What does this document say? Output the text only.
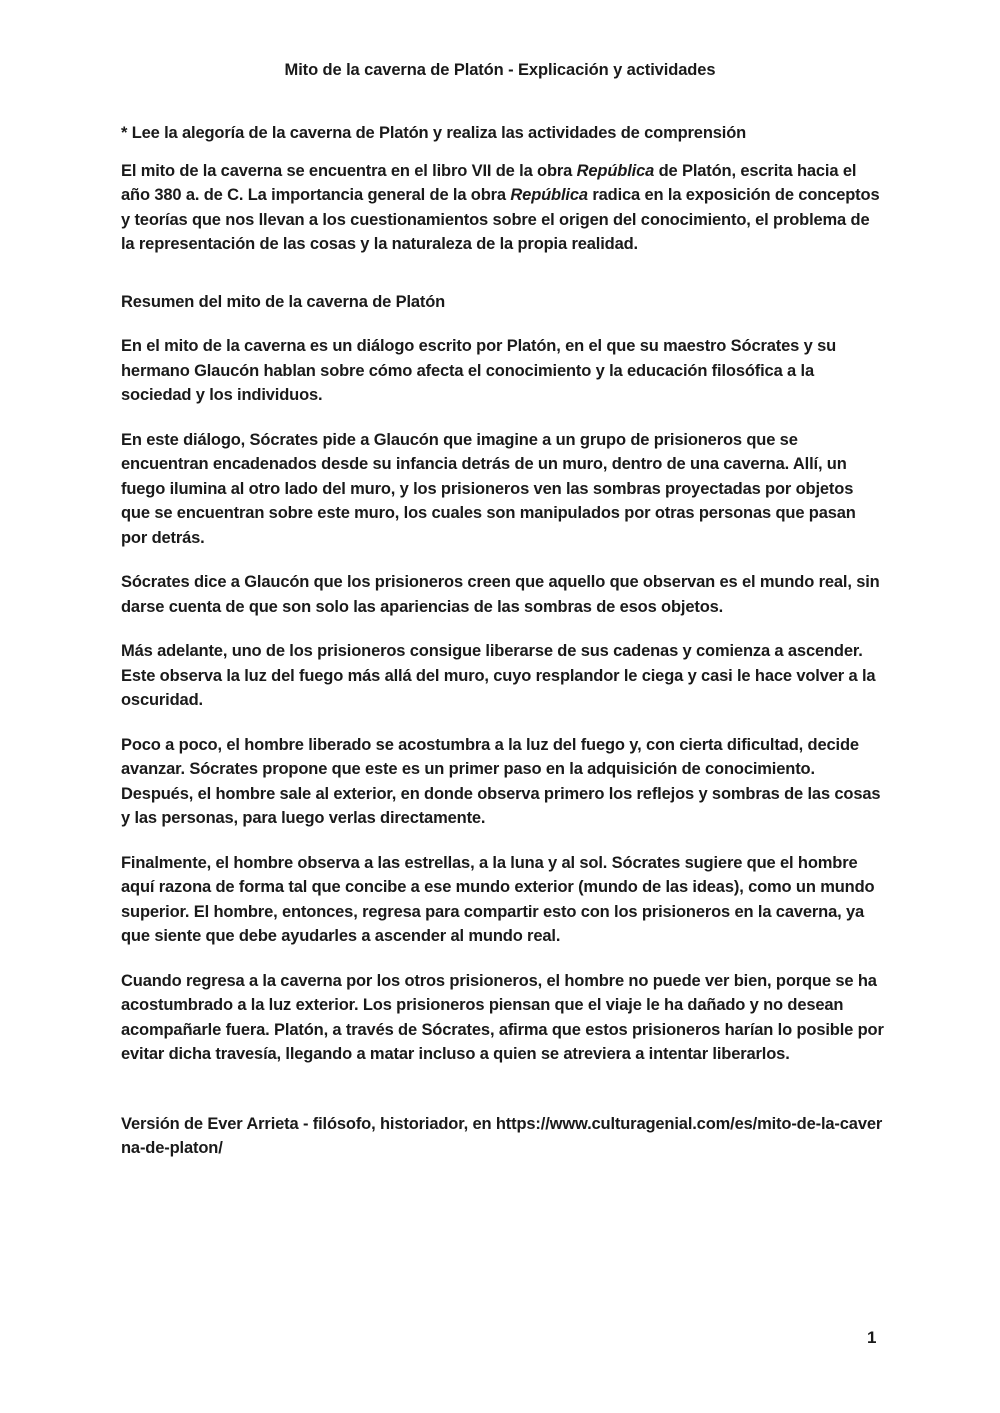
Mito de la caverna de Platón - Explicación y actividades

* Lee la alegoría de la caverna de Platón y realiza las actividades de comprensión

El mito de la caverna se encuentra en el libro VII de la obra República de Platón, escrita hacia el año 380 a. de C. La importancia general de la obra República radica en la exposición de conceptos y teorías que nos llevan a los cuestionamientos sobre el origen del conocimiento, el problema de la representación de las cosas y la naturaleza de la propia realidad.

Resumen del mito de la caverna de Platón

En el mito de la caverna es un diálogo escrito por Platón, en el que su maestro Sócrates y su hermano Glaucón hablan sobre cómo afecta el conocimiento y la educación filosófica a la sociedad y los individuos.

En este diálogo, Sócrates pide a Glaucón que imagine a un grupo de prisioneros que se encuentran encadenados desde su infancia detrás de un muro, dentro de una caverna. Allí, un fuego ilumina al otro lado del muro, y los prisioneros ven las sombras proyectadas por objetos que se encuentran sobre este muro, los cuales son manipulados por otras personas que pasan por detrás.

Sócrates dice a Glaucón que los prisioneros creen que aquello que observan es el mundo real, sin darse cuenta de que son solo las apariencias de las sombras de esos objetos.

Más adelante, uno de los prisioneros consigue liberarse de sus cadenas y comienza a ascender. Este observa la luz del fuego más allá del muro, cuyo resplandor le ciega y casi le hace volver a la oscuridad.

Poco a poco, el hombre liberado se acostumbra a la luz del fuego y, con cierta dificultad, decide avanzar. Sócrates propone que este es un primer paso en la adquisición de conocimiento. Después, el hombre sale al exterior, en donde observa primero los reflejos y sombras de las cosas y las personas, para luego verlas directamente.

Finalmente, el hombre observa a las estrellas, a la luna y al sol. Sócrates sugiere que el hombre aquí razona de forma tal que concibe a ese mundo exterior (mundo de las ideas), como un mundo superior. El hombre, entonces, regresa para compartir esto con los prisioneros en la caverna, ya que siente que debe ayudarles a ascender al mundo real.

Cuando regresa a la caverna por los otros prisioneros, el hombre no puede ver bien, porque se ha acostumbrado a la luz exterior. Los prisioneros piensan que el viaje le ha dañado y no desean acompañarle fuera. Platón, a través de Sócrates, afirma que estos prisioneros harían lo posible por evitar dicha travesía, llegando a matar incluso a quien se atreviera a intentar liberarlos.

Versión de Ever Arrieta - filósofo, historiador, en https://www.culturagenial.com/es/mito-de-la-caverna-de-platon/

1
